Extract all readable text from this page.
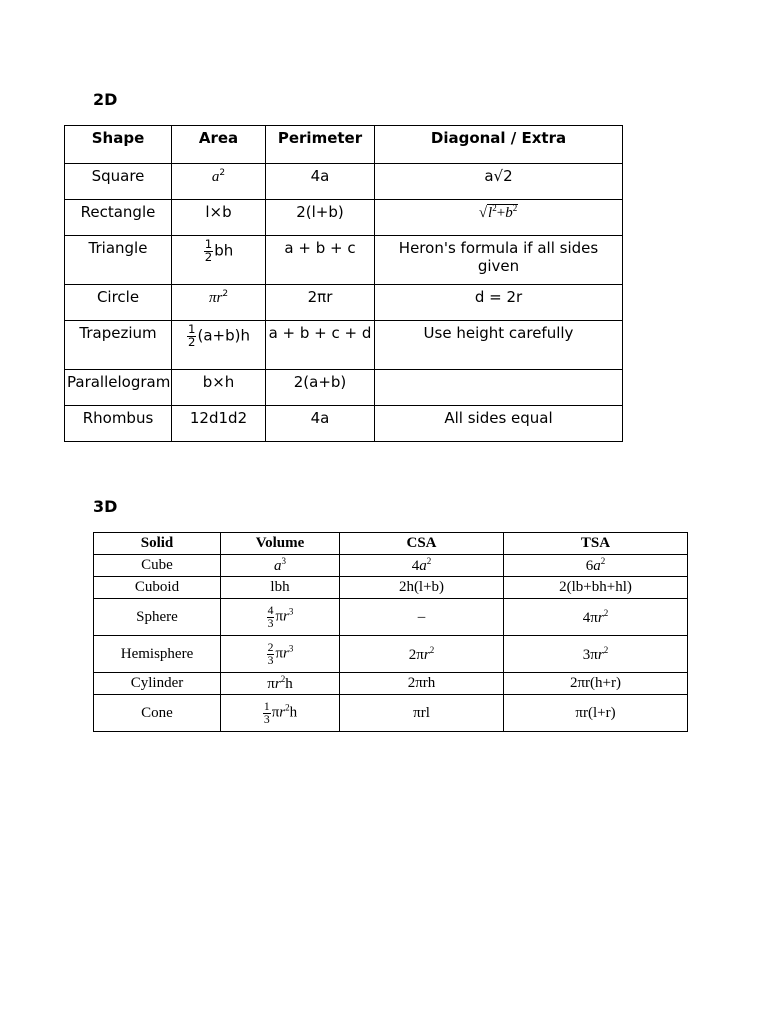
2D
Shape	Area	Perimeter	Diagonal / Extra
Square	$a^2$	4a	a√2
Rectangle	l×b	2(l+b)	$√l^2+b^2$
Triangle	$\frac{1}{2}$ bh	a + b + c	Heron's formula if all sides given
Circle	$\pi r^2$	2πr	d = 2r
Trapezium	$\frac{1}{2} (a+b)h$	a + b + c + d	Use height carefully
Parallelogram	b×h	2(a+b)	
Rhombus	12d1d2	4a	All sides equal
3D
Solid	Volume	CSA	TSA
Cube	$a^3$	$4a^2$	$6a^2$
Cuboid	lbh	2h(l+b)	2(lb+bh+hl)
Sphere	$\frac{4}{3} \pi r^3$	–	$4\pi r^2$
Hemisphere	$\frac{2}{3} \pi r^3$	$2\pi r^2$	$3\pi r^2$
Cylinder	$\pi r^2h$	2πrh	2πr(h+r)
Cone	$\frac{1}{3} \pi r^2h$	πrl	πr(l+r)
